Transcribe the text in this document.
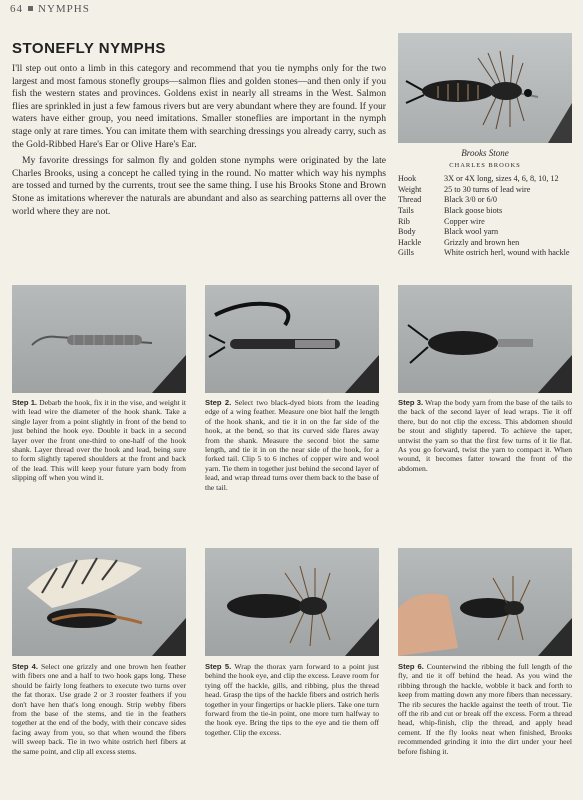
64 NYMPHS
STONEFLY NYMPHS

I'll step out onto a limb in this category and recommend that you tie nymphs only for the two largest and most famous stonefly groups—salmon flies and golden stones—and then only if you fish the western states and provinces. Goldens exist in nearly all streams in the West. Salmon flies are sprinkled in just a few famous rivers but are very abundant where they are found. If your waters have either group, you need imitations. Smaller stoneflies are important in the nymph stage only at rare times. You can imitate them with searching dressings you already carry, such as the Gold-Ribbed Hare's Ear or Olive Hare's Ear.

My favorite dressings for salmon fly and golden stone nymphs were originated by the late Charles Brooks, using a concept he called tying in the round. No matter which way his nymphs are tossed and turned by the currents, trout see the same thing. I use his Brooks Stone and Brown Stone as imitations wherever the naturals are abundant and also as searching patterns all over the world where they are not.

Brooks Stone
CHARLES BROOKS
Hook	3X or 4X long, sizes 4, 6, 8, 10, 12
Weight	25 to 30 turns of lead wire
Thread	Black 3/0 or 6/0
Tails	Black goose biots
Rib	Copper wire
Body	Black wool yarn
Hackle	Grizzly and brown hen
Gills	White ostrich herl, wound with hackle
Step 1. Debarb the hook, fix it in the vise, and weight it with lead wire the diameter of the hook shank. Take a single layer from a point slightly in front of the bend to just behind the hook eye. Double it back in a second layer over the front one-third to one-half of the hook shank. Layer thread over the hook and lead, being sure to form slightly tapered shoulders at the front and back of the lead. This will keep your future yarn body from slipping off when you wind it.
Step 2. Select two black-dyed biots from the leading edge of a wing feather. Measure one biot half the length of the hook shank, and tie it in on the far side of the hook, at the bend, so that its curved side flares away from the shank. Measure the second biot the same length, and tie it in on the near side of the hook, for a forked tail. Clip 5 to 6 inches of copper wire and wool yarn. Tie them in together just behind the second layer of lead, and wrap thread turns over them back to the base of the tail.
Step 3. Wrap the body yarn from the base of the tails to the back of the second layer of lead wraps. Tie it off there, but do not clip the excess. This abdomen should be stout and slightly tapered. To achieve the taper, untwist the yarn so that the first few turns of it lie flat. As you go forward, twist the yarn to compact it. When wound, it becomes fatter toward the front of the abdomen.
Step 4. Select one grizzly and one brown hen feather with fibers one and a half to two hook gaps long. These should be fairly long feathers to execute two turns over the fat thorax. Use grade 2 or 3 rooster feathers if you don't have hen that's long enough. Strip webby fibers from the base of the stems, and tie in the feathers together at the end of the body, with their concave sides facing away from you, so that when wound the fibers will sweep back. Tie in two white ostrich herl fibers at the same point, and clip all excess stems.
Step 5. Wrap the thorax yarn forward to a point just behind the hook eye, and clip the excess. Leave room for tying off the hackle, gills, and ribbing, plus the thread head. Grasp the tips of the hackle fibers and ostrich herls together in your fingertips or hackle pliers. Take one turn forward from the tie-in point, one more turn halfway to the hook eye. Bring the tips to the eye and tie them off together. Clip the excess.
Step 6. Counterwind the ribbing the full length of the fly, and tie it off behind the head. As you wind the ribbing through the hackle, wobble it back and forth to keep from matting down any more fibers than necessary. The rib secures the hackle against the teeth of trout. Tie off the rib and cut or break off the excess. Form a thread head, whip-finish, clip the thread, and apply head cement. If the fly looks neat when finished, Brooks recommended grinding it into the dirt under your heel before fishing it.
